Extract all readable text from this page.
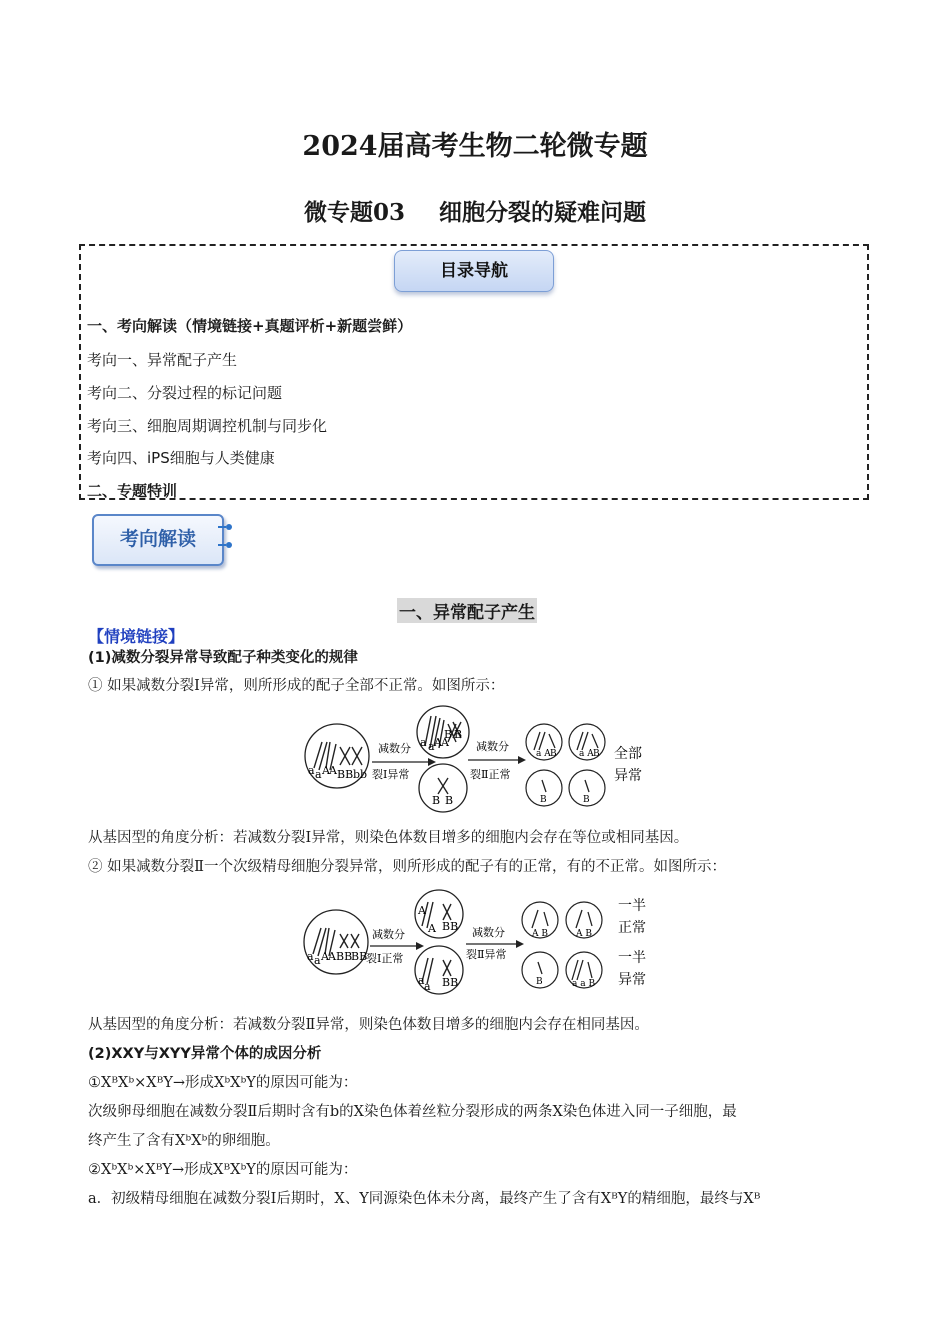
2024届高考生物二轮微专题
微专题03 细胞分裂的疑难问题
目录导航
一、考向解读（情境链接+真题评析+新题尝鲜）
考向一、异常配子产生
考向二、分裂过程的标记问题
考向三、细胞周期调控机制与同步化
考向四、iPS细胞与人类健康
二、专题特训
考向解读
一、异常配子产生
【情境链接】
(1)减数分裂异常导致配子种类变化的规律
① 如果减数分裂Ⅰ异常，则所形成的配子全部不正常。如图所示：
a a A A BB bb
减数分
裂Ⅰ异常
a a A A
B B
B B
减数分
裂Ⅱ正常
a A B a A B
B	B
全部
异常
从基因型的角度分析：若减数分裂Ⅰ异常，则染色体数目增多的细胞内会存在等位或相同基因。
② 如果减数分裂Ⅱ一个次级精母细胞分裂异常，则所形成的配子有的正常，有的不正常。如图所示：
a a A A BB
BB
减数分
裂Ⅰ正常
A
A BB
a a BB
减数分
裂Ⅱ异常
A B	A B
B	a a B
一半
正常
一半
异常
从基因型的角度分析：若减数分裂Ⅱ异常，则染色体数目增多的细胞内会存在相同基因。
(2)XXY与XYY异常个体的成因分析
①XᴮXᵇ×XᴮY→形成XᵇXᵇY的原因可能为：
次级卵母细胞在减数分裂Ⅱ后期时含有b的X染色体着丝粒分裂形成的两条X染色体进入同一子细胞，最
终产生了含有XᵇXᵇ的卵细胞。
②XᵇXᵇ×XᴮY→形成XᴮXᵇY的原因可能为：
a．初级精母细胞在减数分裂Ⅰ后期时，X、Y同源染色体未分离，最终产生了含有XᴮY的精细胞，最终与Xᴮ
